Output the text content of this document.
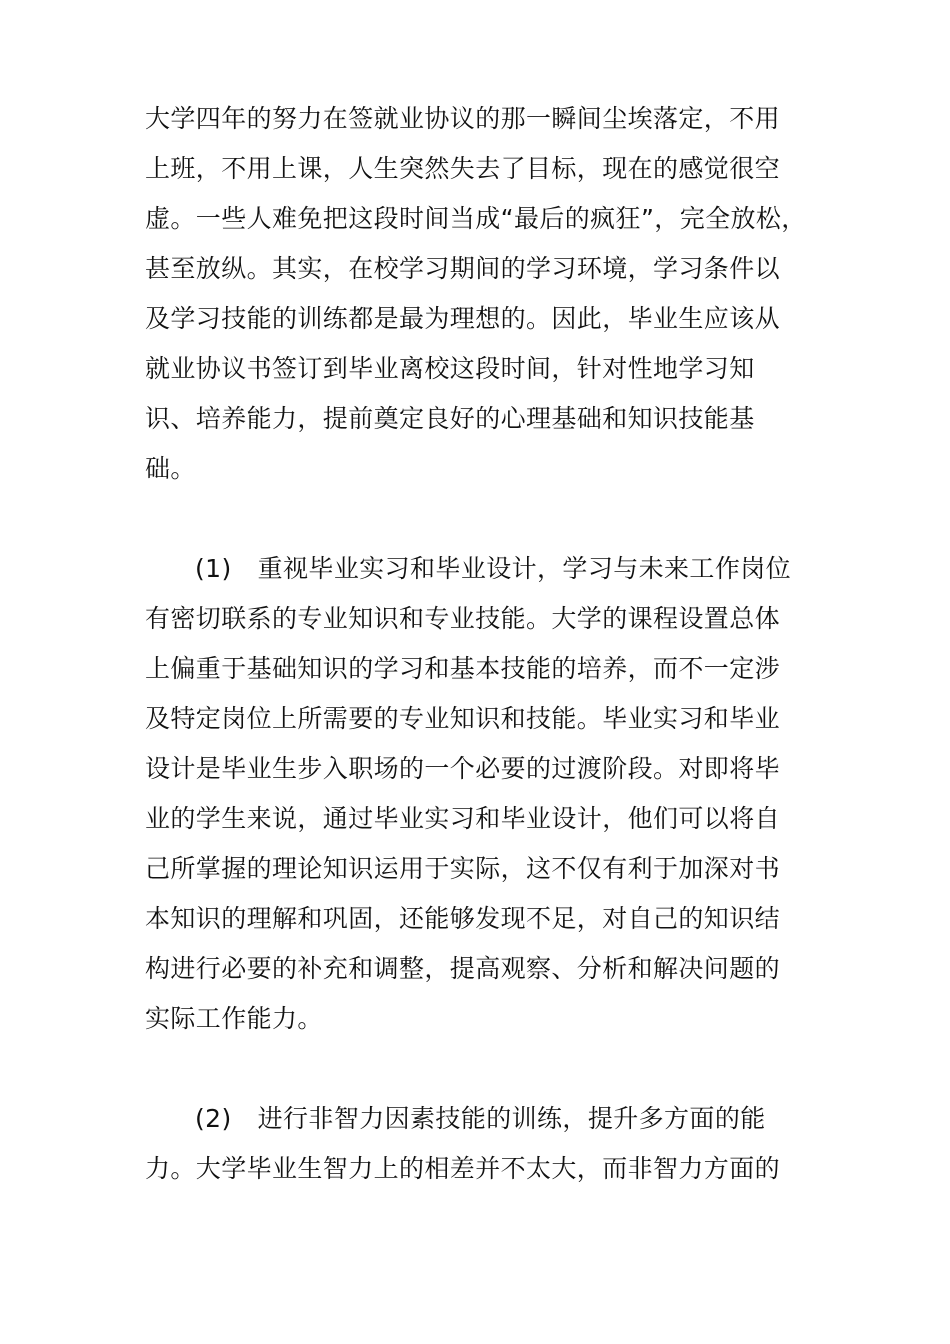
大学四年的努力在签就业协议的那一瞬间尘埃落定，不用

上班，不用上课，人生突然失去了目标，现在的感觉很空

虚。一些人难免把这段时间当成“最后的疯狂”，完全放松，

甚至放纵。其实，在校学习期间的学习环境，学习条件以

及学习技能的训练都是最为理想的。因此，毕业生应该从

就业协议书签订到毕业离校这段时间，针对性地学习知

识、培养能力，提前奠定良好的心理基础和知识技能基

础。

(1) 重视毕业实习和毕业设计，学习与未来工作岗位

有密切联系的专业知识和专业技能。大学的课程设置总体

上偏重于基础知识的学习和基本技能的培养，而不一定涉

及特定岗位上所需要的专业知识和技能。毕业实习和毕业

设计是毕业生步入职场的一个必要的过渡阶段。对即将毕

业的学生来说，通过毕业实习和毕业设计，他们可以将自

己所掌握的理论知识运用于实际，这不仅有利于加深对书

本知识的理解和巩固，还能够发现不足，对自己的知识结

构进行必要的补充和调整，提高观察、分析和解决问题的

实际工作能力。

(2) 进行非智力因素技能的训练，提升多方面的能

力。大学毕业生智力上的相差并不太大，而非智力方面的
